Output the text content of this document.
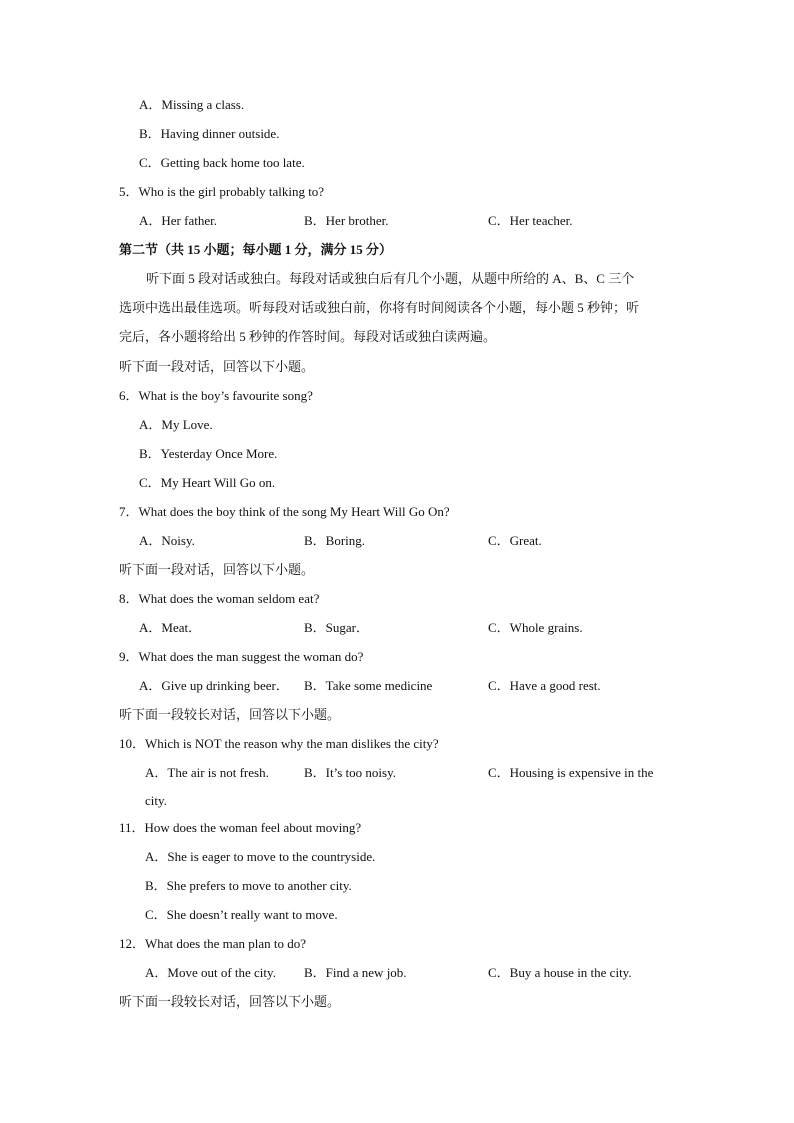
A．Missing a class.
B．Having dinner outside.
C．Getting back home too late.
5．Who is the girl probably talking to?
A．Her father.	B．Her brother.	C．Her teacher.
第二节（共 15 小题；每小题 1 分，满分 15 分）
听下面 5 段对话或独白。每段对话或独白后有几个小题，从题中所给的 A、B、C 三个
选项中选出最佳选项。听每段对话或独白前，你将有时间阅读各个小题，每小题 5 秒钟；听
完后，各小题将给出 5 秒钟的作答时间。每段对话或独白读两遍。
听下面一段对话，回答以下小题。
6．What is the boy’s favourite song?
A．My Love.
B．Yesterday Once More.
C．My Heart Will Go on.
7．What does the boy think of the song My Heart Will Go On?
A．Noisy.	B．Boring.	C．Great.
听下面一段对话，回答以下小题。
8．What does the woman seldom eat?
A．Meat．	B．Sugar．	C．Whole grains.
9．What does the man suggest the woman do?
A．Give up drinking beer． B．Take some medicine	C．Have a good rest.
听下面一段较长对话，回答以下小题。
10．Which is NOT the reason why the man dislikes the city?
A．The air is not fresh.	B．It’s too noisy.	C．Housing is expensive in the
city.
11．How does the woman feel about moving?
A．She is eager to move to the countryside.
B．She prefers to move to another city.
C．She doesn’t really want to move.
12．What does the man plan to do?
A．Move out of the city. B．Find a new job.	C．Buy a house in the city.
听下面一段较长对话，回答以下小题。
